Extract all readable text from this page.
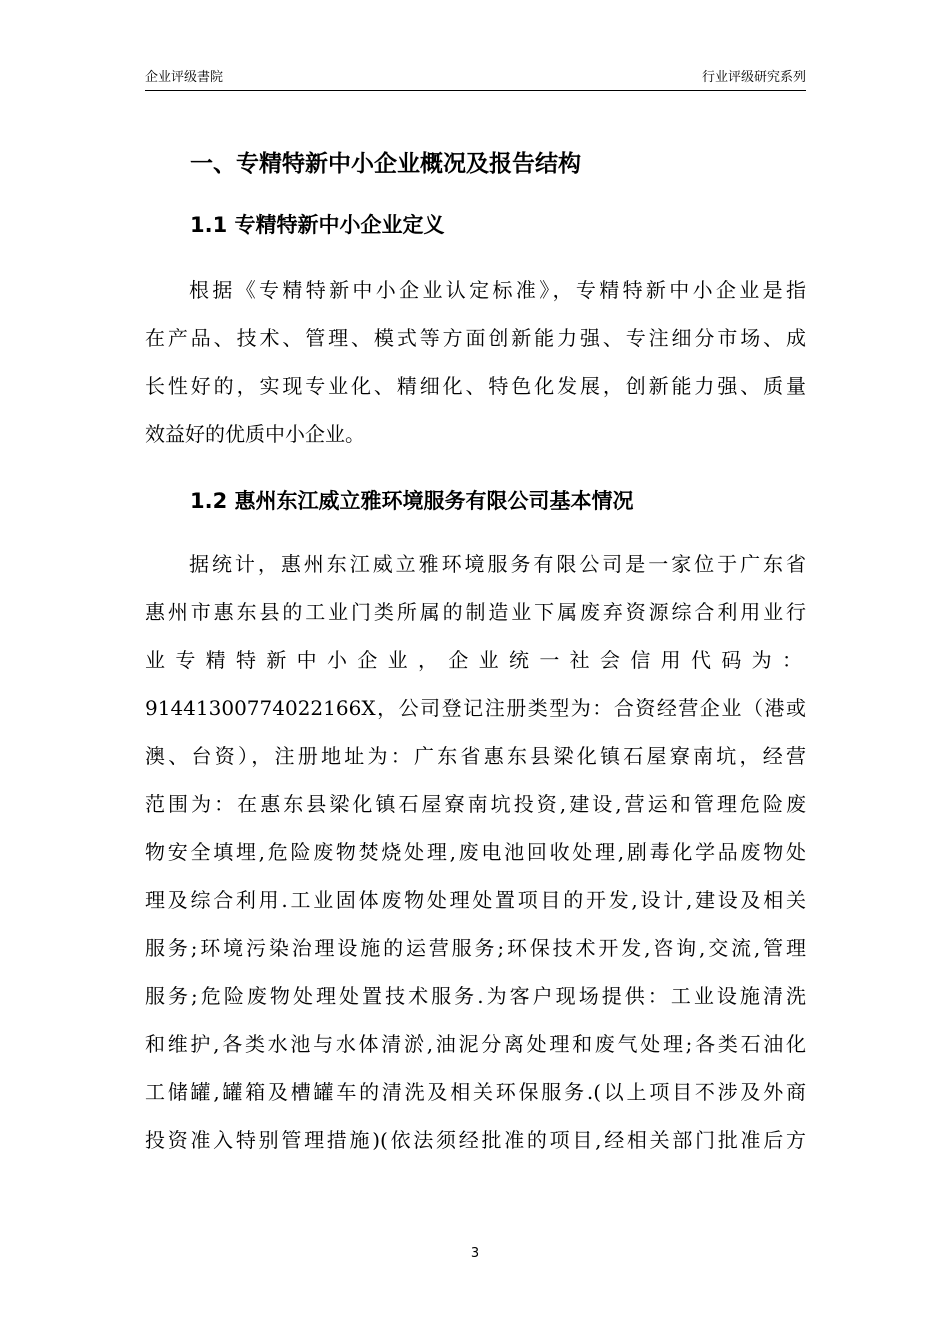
企业评级書院	行业评级研究系列
一、专精特新中小企业概况及报告结构
1.1 专精特新中小企业定义
根据《专精特新中小企业认定标准》，专精特新中小企业是指
在产品、技术、管理、模式等方面创新能力强、专注细分市场、成
长性好的，实现专业化、精细化、特色化发展，创新能力强、质量
效益好的优质中小企业。
1.2 惠州东江威立雅环境服务有限公司基本情况
据统计，惠州东江威立雅环境服务有限公司是一家位于广东省
惠州市惠东县的工业门类所属的制造业下属废弃资源综合利用业行
业专精特新中小企业，企业统一社会信用代码为：
91441300774022166X，公司登记注册类型为：合资经营企业（港或
澳、台资），注册地址为：广东省惠东县梁化镇石屋寮南坑，经营
范围为：在惠东县梁化镇石屋寮南坑投资,建设,营运和管理危险废
物安全填埋,危险废物焚烧处理,废电池回收处理,剧毒化学品废物处
理及综合利用.工业固体废物处理处置项目的开发,设计,建设及相关
服务;环境污染治理设施的运营服务;环保技术开发,咨询,交流,管理
服务;危险废物处理处置技术服务.为客户现场提供：工业设施清洗
和维护,各类水池与水体清淤,油泥分离处理和废气处理;各类石油化
工储罐,罐箱及槽罐车的清洗及相关环保服务.(以上项目不涉及外商
投资准入特别管理措施)(依法须经批准的项目,经相关部门批准后方
3
